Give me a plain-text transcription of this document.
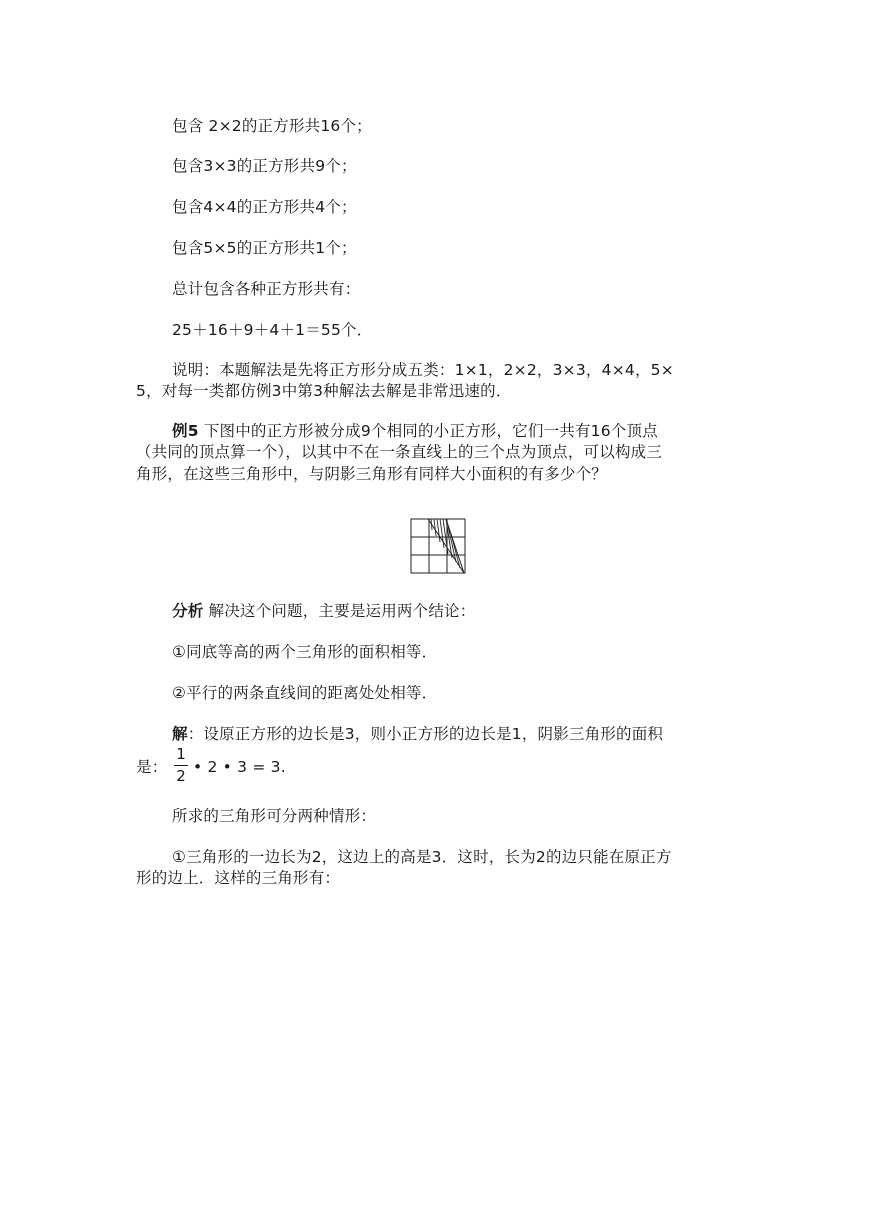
包含 2×2的正方形共16个；
包含3×3的正方形共9个；
包含4×4的正方形共4个；
包含5×5的正方形共1个；
总计包含各种正方形共有：
25＋16＋9＋4＋1＝55个．
说明：本题解法是先将正方形分成五类：1×1，2×2，3×3，4×4，5×
5，对每一类都仿例3中第3种解法去解是非常迅速的．
例5 下图中的正方形被分成9个相同的小正方形，它们一共有16个顶点
（共同的顶点算一个），以其中不在一条直线上的三个点为顶点，可以构成三
角形，在这些三角形中，与阴影三角形有同样大小面积的有多少个？
分析 解决这个问题，主要是运用两个结论：
①同底等高的两个三角形的面积相等．
②平行的两条直线间的距离处处相等．
解：设原正方形的边长是3，则小正方形的边长是1，阴影三角形的面积
是：
1
2 • 2 • 3 = 3.
所求的三角形可分两种情形：
①三角形的一边长为2，这边上的高是3．这时，长为2的边只能在原正方
形的边上．这样的三角形有：
